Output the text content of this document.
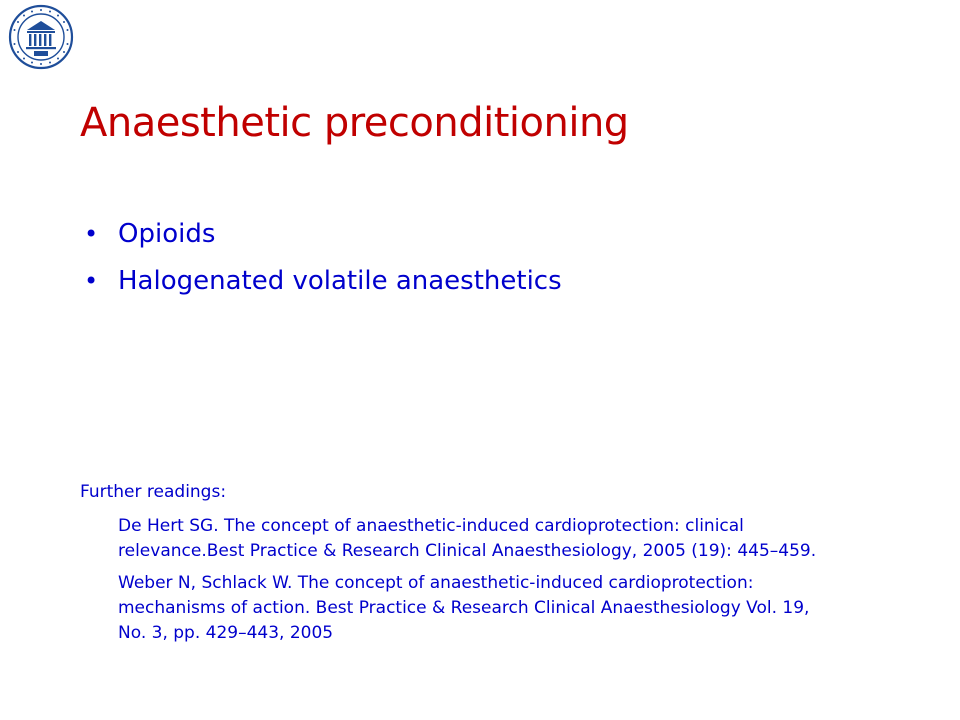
Anaesthetic preconditioning
• Opioids
• Halogenated volatile anaesthetics

Further readings:

De Hert SG. The concept of anaesthetic-induced cardioprotection: clinical
relevance.Best Practice & Research Clinical Anaesthesiology, 2005 (19): 445–459.

Weber N, Schlack W. The concept of anaesthetic-induced cardioprotection:
mechanisms of action. Best Practice & Research Clinical Anaesthesiology Vol. 19,
No. 3, pp. 429–443, 2005
